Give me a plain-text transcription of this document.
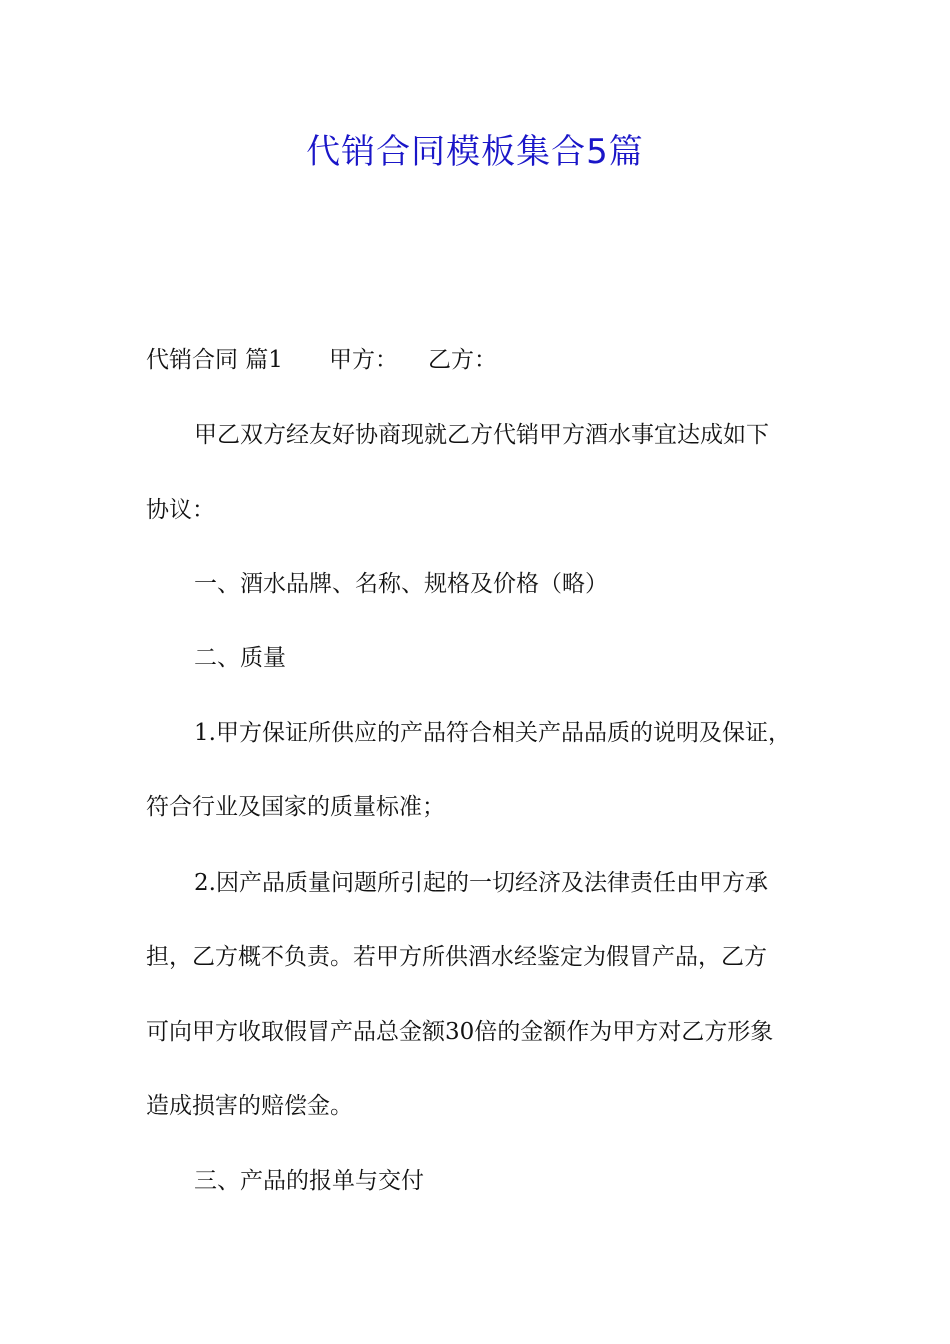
代销合同模板集合5篇
代销合同 篇1 甲方： 乙方：
甲乙双方经友好协商现就乙方代销甲方酒水事宜达成如下
协议：
一、酒水品牌、名称、规格及价格（略）
二、质量
1.甲方保证所供应的产品符合相关产品品质的说明及保证，
符合行业及国家的质量标准；
2.因产品质量问题所引起的一切经济及法律责任由甲方承
担，乙方概不负责。若甲方所供酒水经鉴定为假冒产品，乙方
可向甲方收取假冒产品总金额30倍的金额作为甲方对乙方形象
造成损害的赔偿金。
三、产品的报单与交付
